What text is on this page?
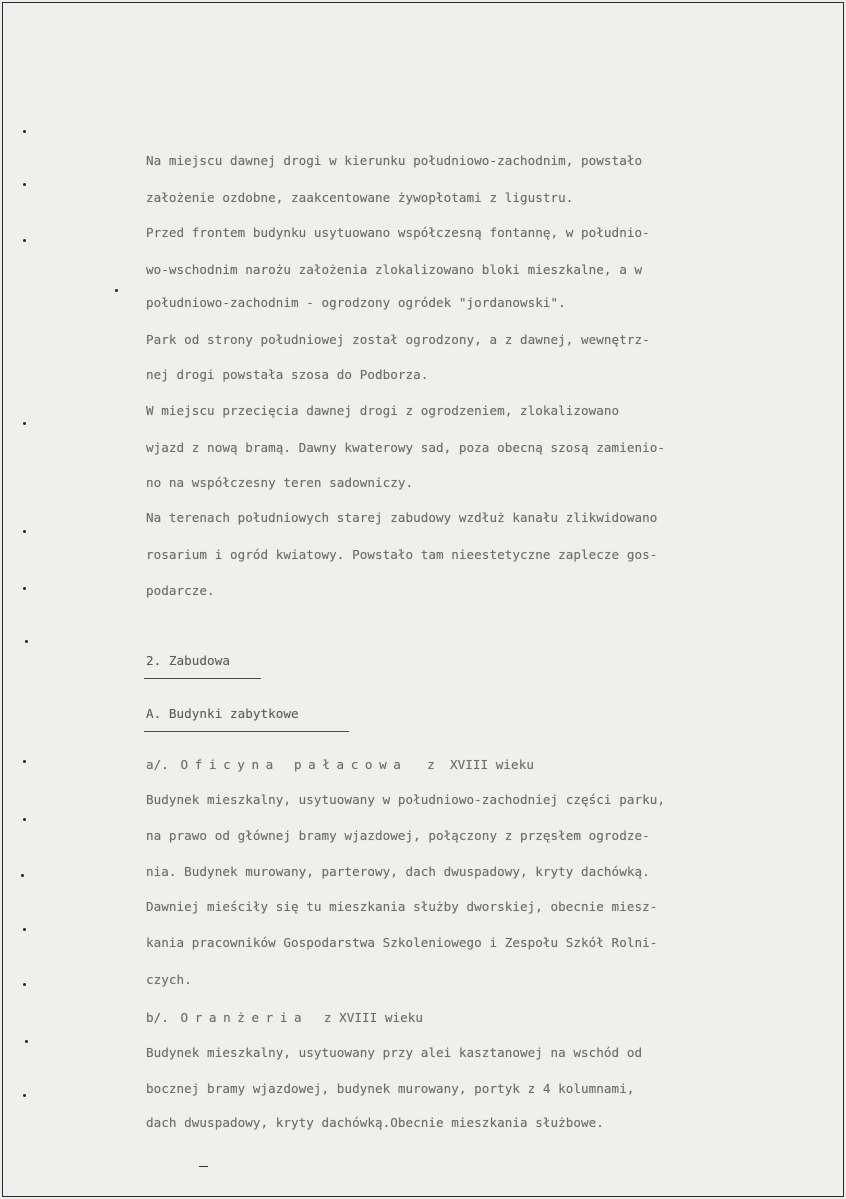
Na miejscu dawnej drogi w kierunku południowo-zachodnim, powstało
założenie ozdobne, zaakcentowane żywopłotami z ligustru.
Przed frontem budynku usytuowano współczesną fontannę, w południo-
wo-wschodnim narożu założenia zlokalizowano bloki mieszkalne, a w
południowo-zachodnim - ogrodzony ogródek "jordanowski".
Park od strony południowej został ogrodzony, a z dawnej, wewnętrz-
nej drogi powstała szosa do Podborza.
W miejscu przecięcia dawnej drogi z ogrodzeniem, zlokalizowano
wjazd z nową bramą. Dawny kwaterowy sad, poza obecną szosą zamienio-
no na współczesny teren sadowniczy.
Na terenach południowych starej zabudowy wzdłuż kanału zlikwidowano
rosarium i ogród kwiatowy. Powstało tam nieestetyczne zaplecze gos-
podarcze.
2. Zabudowa
A. Budynki zabytkowe
a/. Oficyna pałacowa z  XVIII wieku
Budynek mieszkalny, usytuowany w południowo-zachodniej części parku,
na prawo od głównej bramy wjazdowej, połączony z przęsłem ogrodze-
nia. Budynek murowany, parterowy, dach dwuspadowy, kryty dachówką.
Dawniej mieściły się tu mieszkania służby dworskiej, obecnie miesz-
kania pracowników Gospodarstwa Szkoleniowego i Zespołu Szkół Rolni-
czych.
b/. Oranżeria z XVIII wieku
Budynek mieszkalny, usytuowany przy alei kasztanowej na wschód od
bocznej bramy wjazdowej, budynek murowany, portyk z 4 kolumnami,
dach dwuspadowy, kryty dachówką.Obecnie mieszkania służbowe.
